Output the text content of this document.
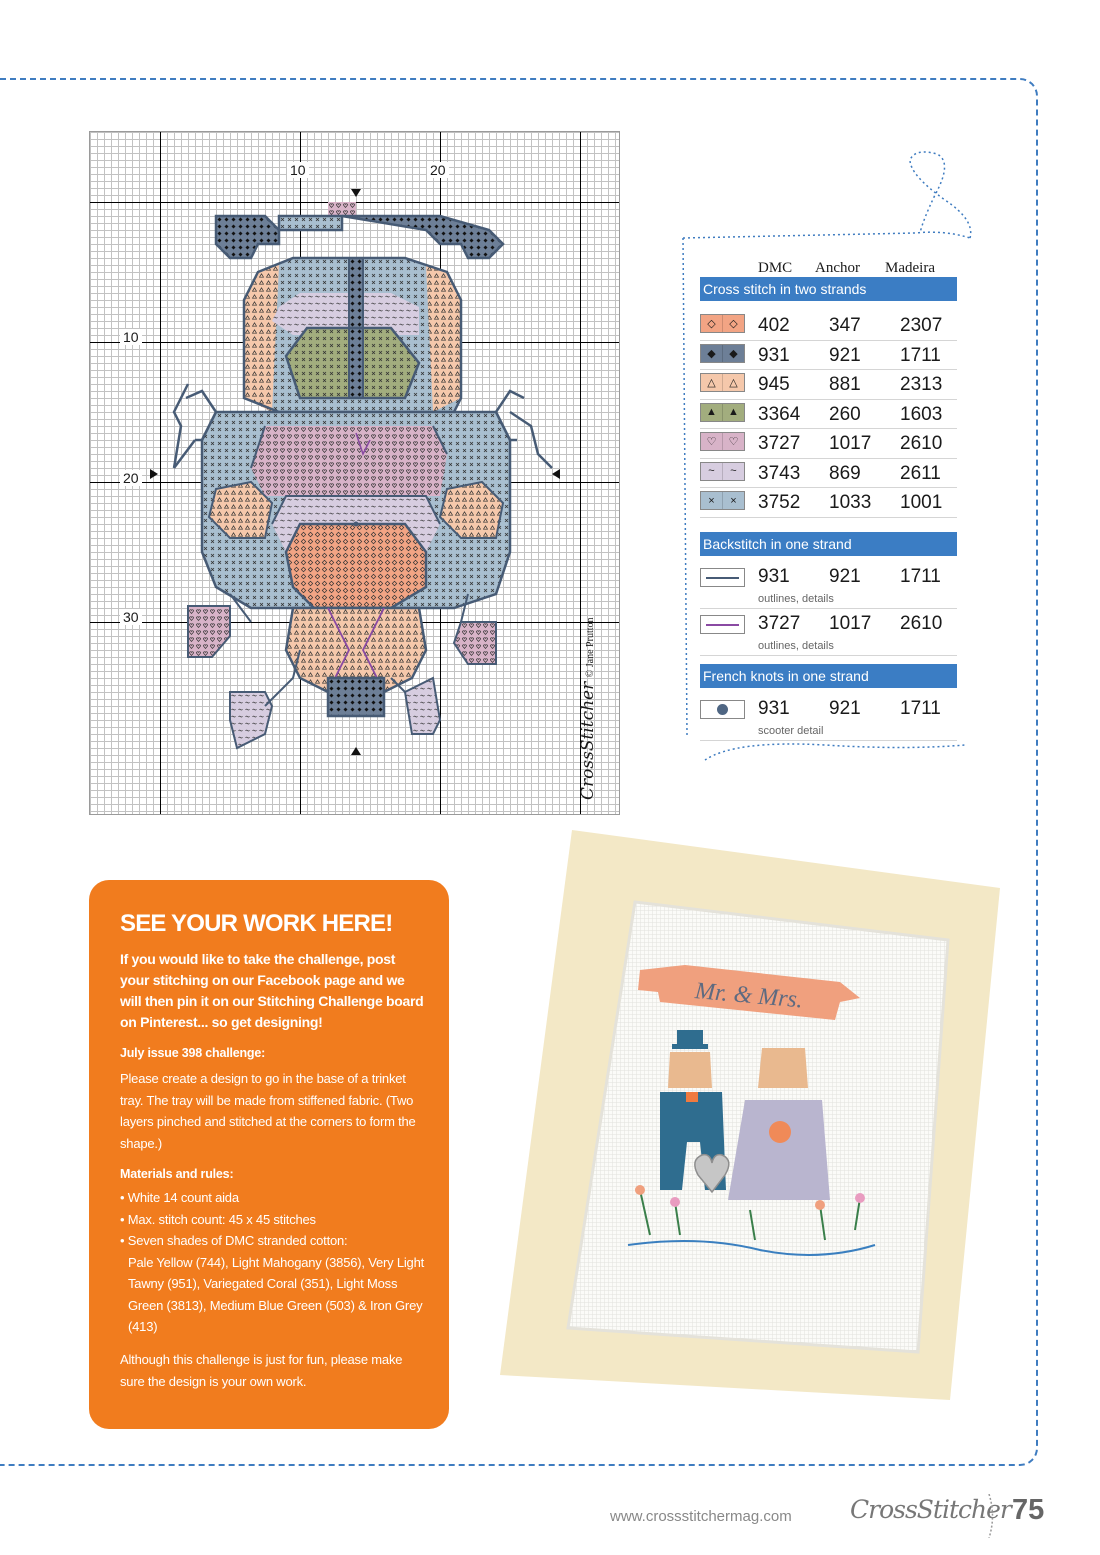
10	20
10
20
30
CrossStitcher © Jane Prutton
DMC	Anchor	Madeira
Cross stitch in two strands
◇	◇	402 347 2307
◆	◆	931 921 1711
△	△	945 881 2313
▲	▲ 3364 260 1603
♡	♡ 3727 1017 2610
~	~	3743 869 2611
×	×	3752 1033 1001
Backstitch in one strand
931 921 1711
outlines, details
3727 1017 2610
outlines, details
French knots in one strand
931 921 1711
scooter detail
SEE YOUR WORK HERE!
If you would like to take the challenge, post your stitching on our Facebook page and we will then pin it on our Stitching Challenge board on Pinterest... so get designing!
July issue 398 challenge:
Please create a design to go in the base of a trinket tray. The tray will be made from stiffened fabric. (Two layers pinched and stitched at the corners to form the shape.)
Materials and rules:
• White 14 count aida
• Max. stitch count: 45 x 45 stitches
• Seven shades of DMC stranded cotton:
Pale Yellow (744), Light Mahogany (3856), Very Light Tawny (951), Variegated Coral (351), Light Moss Green (3813), Medium Blue Green (503) & Iron Grey (413)
Although this challenge is just for fun, please make sure the design is your own work.
Mr. & Mrs.
www.crossstitchermag.com CrossStitcher 75
